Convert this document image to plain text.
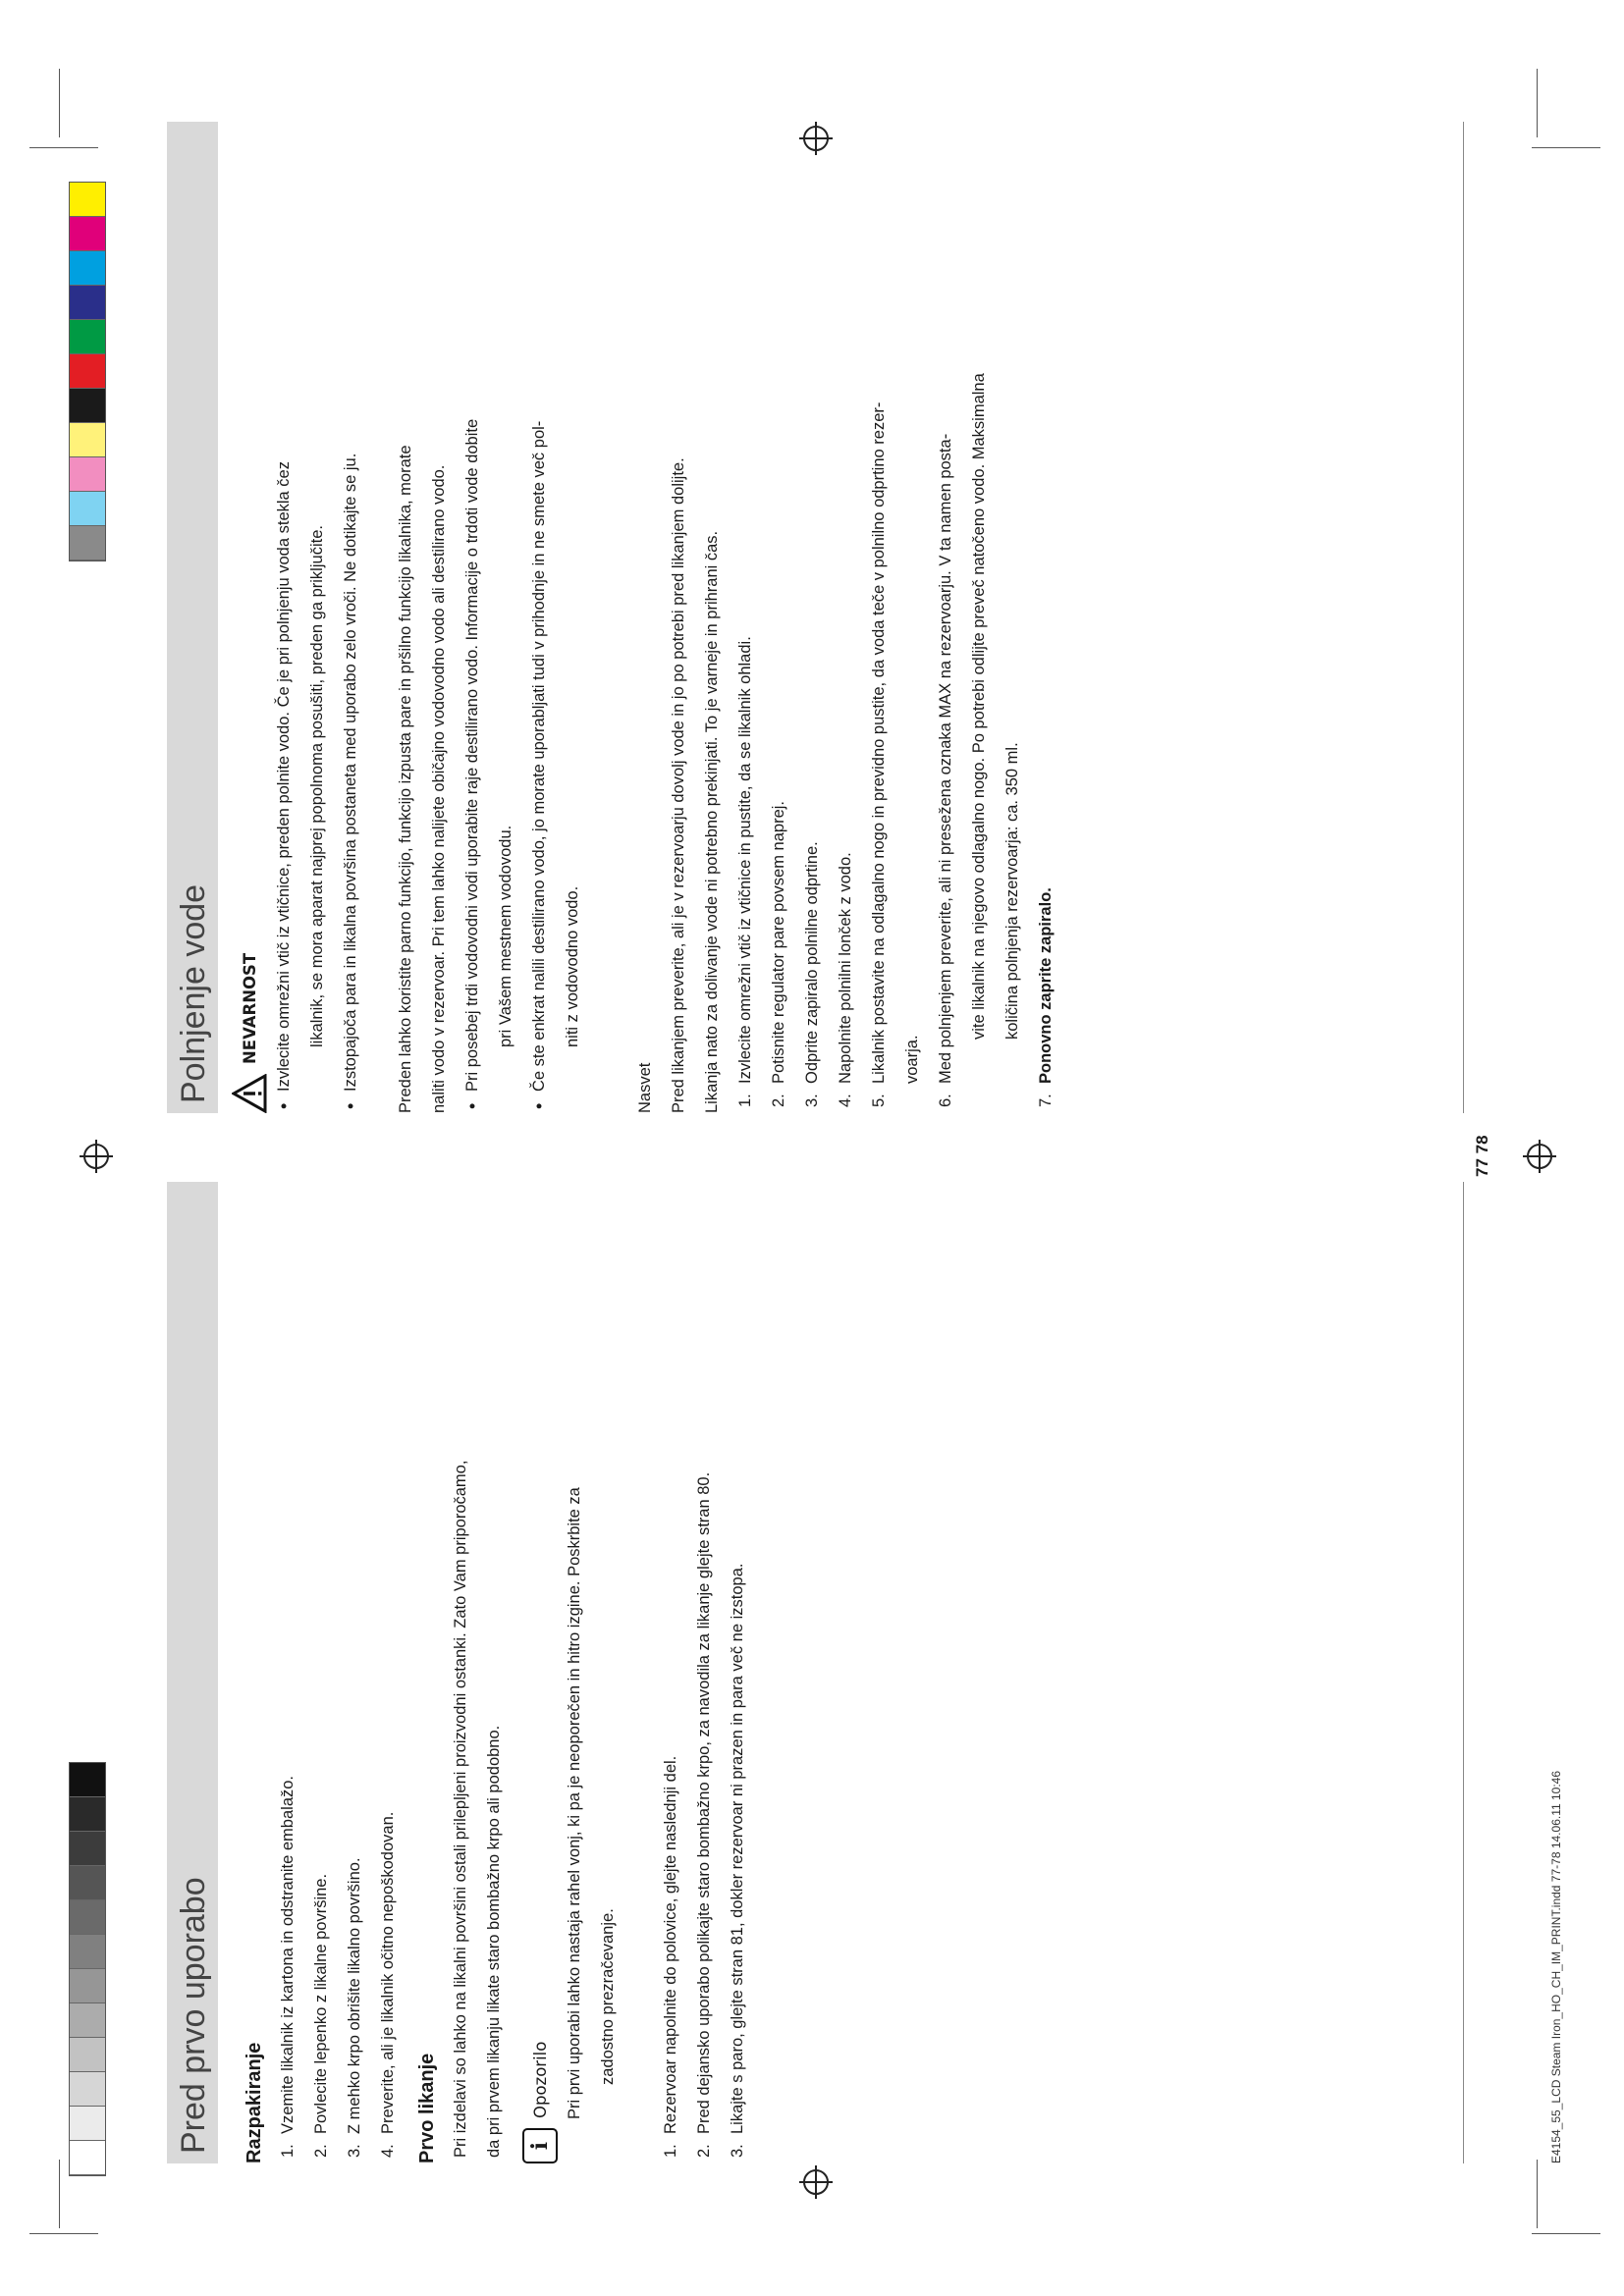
Pred prvo uporabo	Razpakiranje 1.
Vzemite likalnik iz kartona in odstranite embalažo.
2.
Povlecite lepenko z likalne površine.
3.
Z mehko krpo obrišite likalno površino.
4.
Preverite, ali je likalnik očitno nepoškodovan.	Prvo likanje Pri izdelavi so lahko na likalni površini ostali prilepljeni proizvodni ostanki. Zato Vam priporočamo, da pri prvem likanju likate staro bombažno krpo ali podobno.	i
Opozorilo	Pri prvi uporabi lahko nastaja rahel vonj, ki pa je neoporečen in hitro izgine. Poskrbite za zadostno prezračevanje.
1.
Rezervoar napolnite do polovice, glejte naslednji del.
2.
Pred dejansko uporabo polikajte staro bombažno krpo, za navodila za likanje glejte stran 80.
3.
Likajte s paro, glejte stran 81, dokler rezervoar ni prazen in para več ne izstopa.
Polnjenje vode NEVARNOST	• Izvlecite omrežni vtič iz vtičnice, preden polnite vodo. Če je pri polnjenju voda stekla čez likalnik, se mora aparat najprej popolnoma posušiti, preden ga priključite. • Izstopajoča para in likalna površina postaneta med uporabo zelo vroči. Ne dotikajte se ju.	Preden lahko koristite parno funkcijo, funkcijo izpusta pare in pršilno funkcijo likalnika, morate naliti vodo v rezervoar. Pri tem lahko nalijete običajno vodovodno vodo ali destilirano vodo. • Pri posebej trdi vodovodni vodi uporabite raje destilirano vodo. Informacije o trdoti vode dobite pri Vašem mestnem vodovodu. • Če ste enkrat nalili destilirano vodo, jo morate uporabljati tudi v prihodnje in ne smete več pol- niti z vodovodno vodo.
Nasvet Pred likanjem preverite, ali je v rezervoarju dovolj vode in jo po potrebi pred likanjem dolijte. Likanja nato za dolivanje vode ni potrebno prekinjati. To je varneje in prihrani čas. 1.
Izvlecite omrežni vtič iz vtičnice in pustite, da se likalnik ohladi.
2.
Potisnite regulator pare povsem naprej.
3.
Odprite zapiralo polnilne odprtine.
4.
Napolnite polnilni lonček z vodo.
5.
Likalnik postavite na odlagalno nogo in previdno pustite, da voda teče v polnilno odprtino rezer- voarja.
6.
Med polnjenjem preverite, ali ni presežena oznaka MAX na rezervoarju. V ta namen posta- vite likalnik na njegovo odlagalno nogo. Po potrebi odlijte preveč natočeno vodo. Maksimalna količina polnjenja rezervoarja: ca. 350 ml.
7.
Ponovno zaprite zapiralo.
77 78
E4154_55_LCD Steam Iron_HO_CH_IM_PRINT.indd 77-78 14.06.11 10:46
